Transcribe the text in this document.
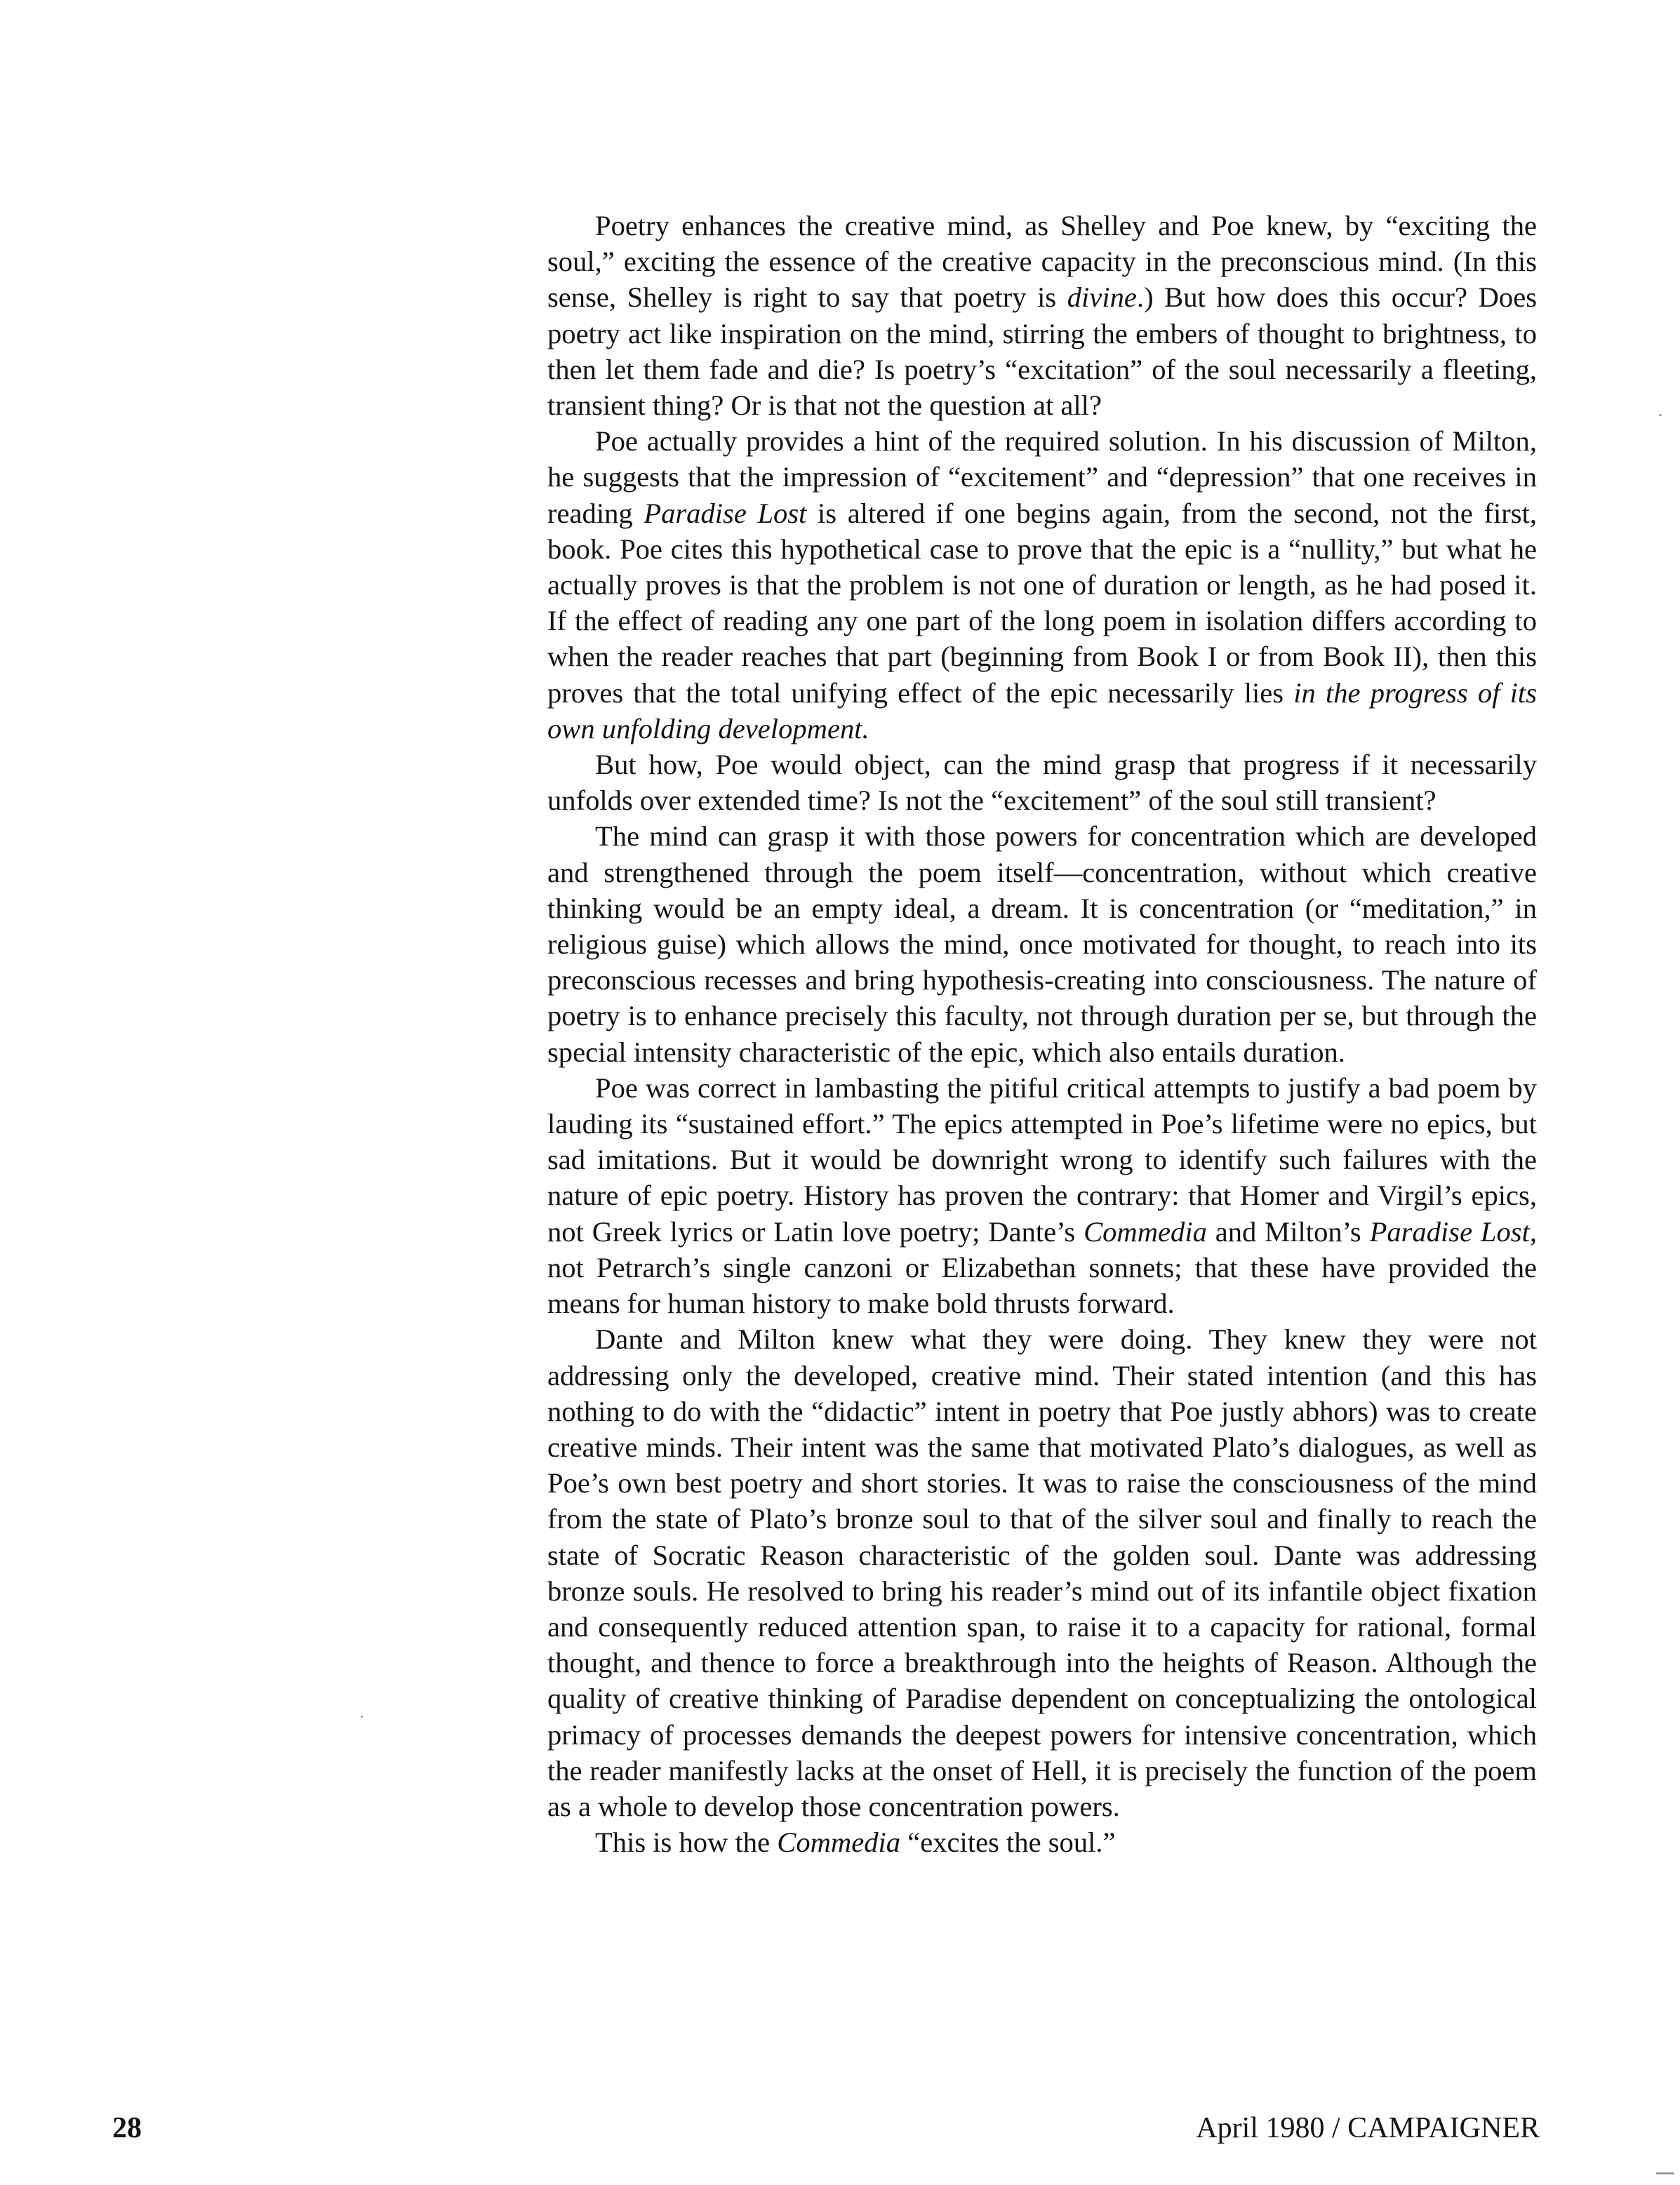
Poetry enhances the creative mind, as Shelley and Poe knew, by “exciting the soul,” exciting the essence of the creative capacity in the preconscious mind. (In this sense, Shelley is right to say that poetry is divine.) But how does this occur? Does poetry act like inspiration on the mind, stirring the embers of thought to brightness, to then let them fade and die? Is poetry’s “excitation” of the soul necessarily a fleeting, transient thing? Or is that not the question at all?

Poe actually provides a hint of the required solution. In his discussion of Milton, he suggests that the impression of “excitement” and “depression” that one receives in reading Paradise Lost is altered if one begins again, from the second, not the first, book. Poe cites this hypothetical case to prove that the epic is a “nullity,” but what he actually proves is that the problem is not one of duration or length, as he had posed it. If the effect of reading any one part of the long poem in isolation differs according to when the reader reaches that part (beginning from Book I or from Book II), then this proves that the total unifying effect of the epic necessarily lies in the progress of its own unfolding development.

But how, Poe would object, can the mind grasp that progress if it necessarily unfolds over extended time? Is not the “excitement” of the soul still transient?

The mind can grasp it with those powers for concentration which are developed and strengthened through the poem itself—concentration, without which creative thinking would be an empty ideal, a dream. It is concentration (or “meditation,” in religious guise) which allows the mind, once motivated for thought, to reach into its preconscious recesses and bring hypothesis-creating into consciousness. The nature of poetry is to enhance precisely this faculty, not through duration per se, but through the special intensity characteristic of the epic, which also entails duration.

Poe was correct in lambasting the pitiful critical attempts to justify a bad poem by lauding its “sustained effort.” The epics attempted in Poe’s lifetime were no epics, but sad imitations. But it would be downright wrong to identify such failures with the nature of epic poetry. History has proven the contrary: that Homer and Virgil’s epics, not Greek lyrics or Latin love poetry; Dante’s Commedia and Milton’s Paradise Lost, not Petrarch’s single canzoni or Elizabethan sonnets; that these have provided the means for human history to make bold thrusts forward.

Dante and Milton knew what they were doing. They knew they were not addressing only the developed, creative mind. Their stated intention (and this has nothing to do with the “didactic” intent in poetry that Poe justly abhors) was to create creative minds. Their intent was the same that motivated Plato’s dialogues, as well as Poe’s own best poetry and short stories. It was to raise the consciousness of the mind from the state of Plato’s bronze soul to that of the silver soul and finally to reach the state of Socratic Reason characteristic of the golden soul. Dante was addressing bronze souls. He resolved to bring his reader’s mind out of its infantile object fixation and consequently reduced attention span, to raise it to a capacity for rational, formal thought, and thence to force a breakthrough into the heights of Reason. Although the quality of creative thinking of Paradise dependent on conceptualizing the ontological primacy of processes demands the deepest powers for intensive concentration, which the reader manifestly lacks at the onset of Hell, it is precisely the function of the poem as a whole to develop those concentration powers.

This is how the Commedia “excites the soul.”

28	April 1980 / CAMPAIGNER
